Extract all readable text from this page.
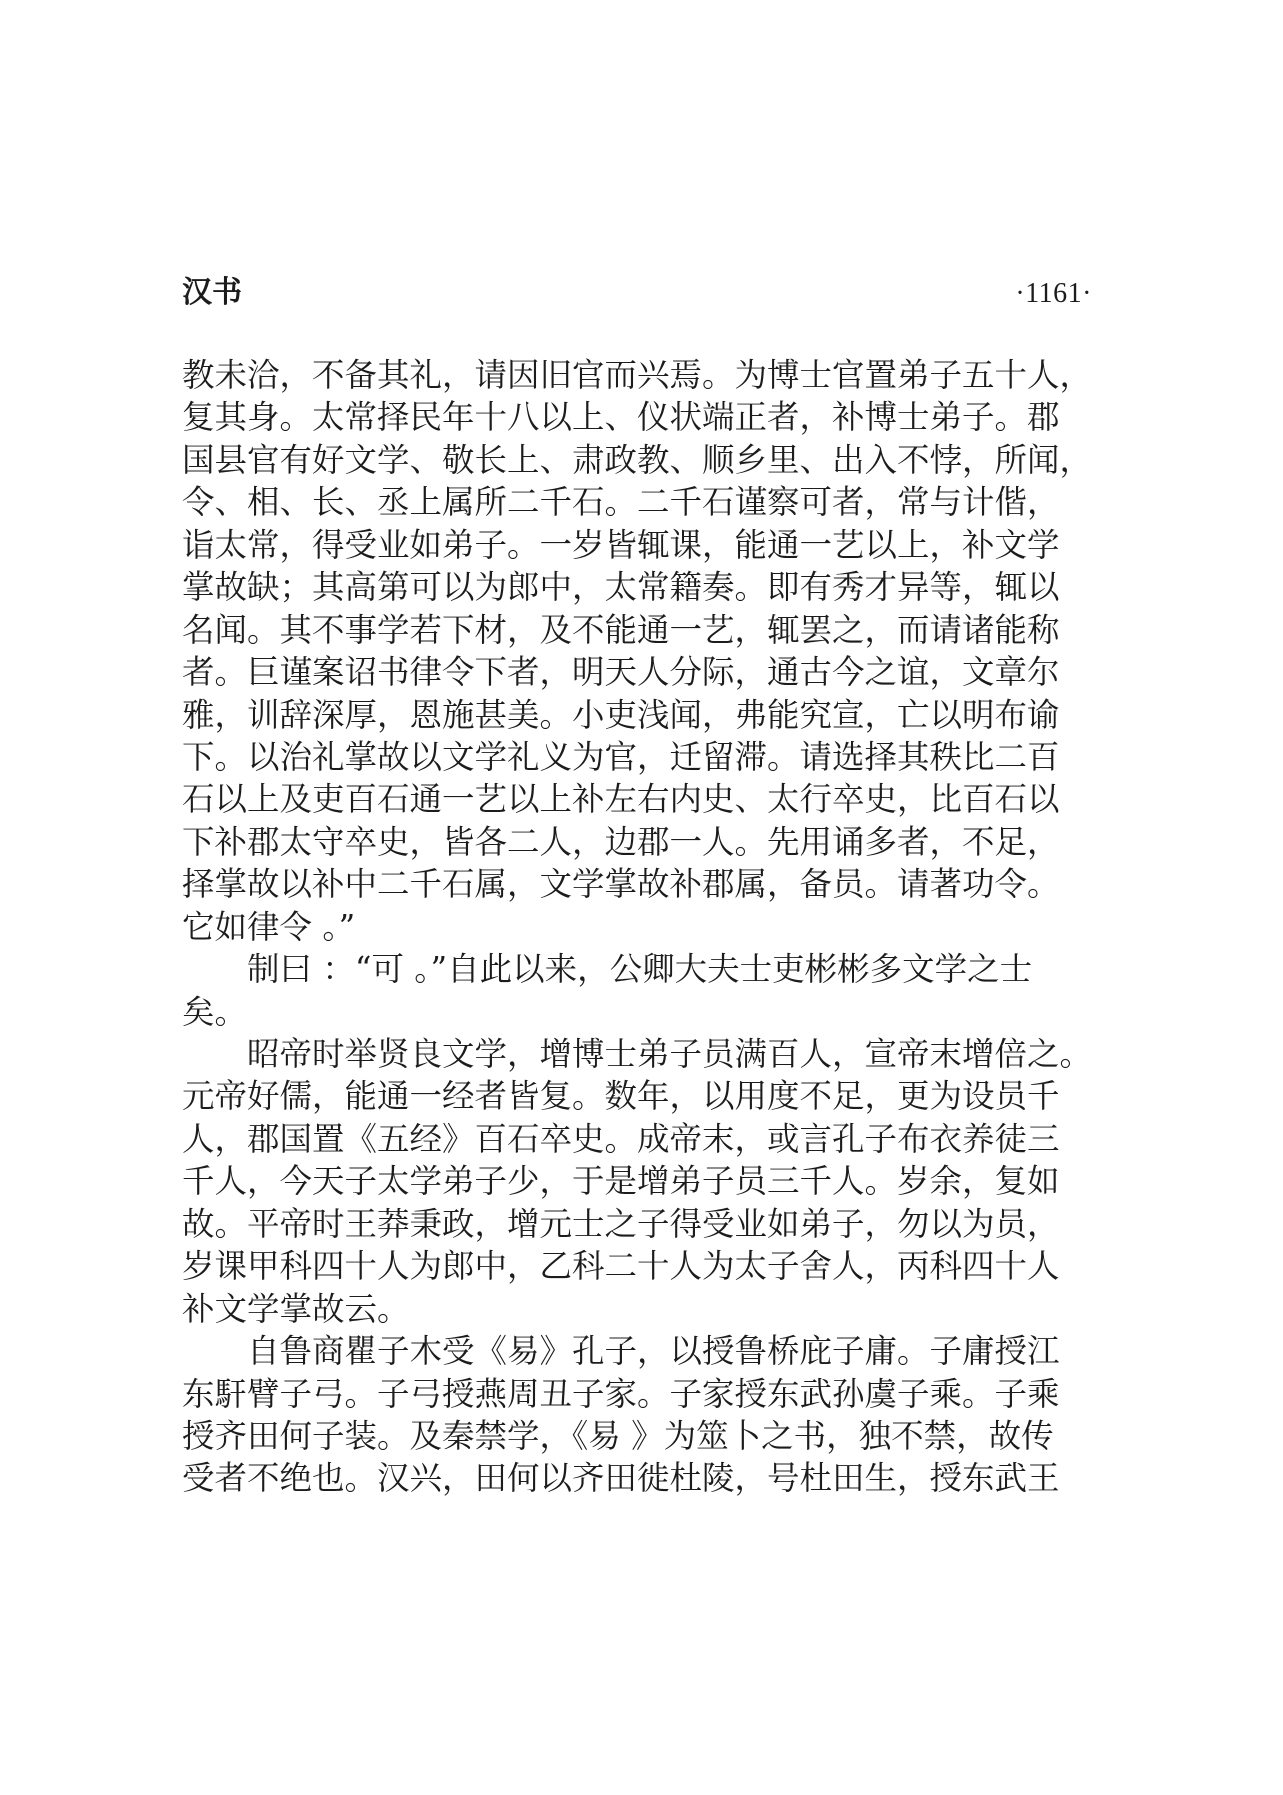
汉书	·1161·
教未洽，不备其礼，请因旧官而兴焉。为博士官置弟子五十人，
复其身。太常择民年十八以上、仪状端正者，补博士弟子。郡
国县官有好文学、敬长上、肃政教、顺乡里、出入不悖，所闻，
令、相、长、丞上属所二千石。二千石谨察可者，常与计偕，
诣太常，得受业如弟子。一岁皆辄课，能通一艺以上，补文学
掌故缺；其高第可以为郎中，太常籍奏。即有秀才异等，辄以
名闻。其不事学若下材，及不能通一艺，辄罢之，而请诸能称
者。巨谨案诏书律令下者，明天人分际，通古今之谊，文章尔
雅，训辞深厚，恩施甚美。小吏浅闻，弗能究宣，亡以明布谕
下。以治礼掌故以文学礼义为官，迁留滞。请选择其秩比二百
石以上及吏百石通一艺以上补左右内史、太行卒史，比百石以
下补郡太守卒史，皆各二人，边郡一人。先用诵多者，不足，
择掌故以补中二千石属，文学掌故补郡属，备员。请著功令。
它如律令 。”
制曰 ：“可 。”自此以来，公卿大夫士吏彬彬多文学之士
矣。
昭帝时举贤良文学，增博士弟子员满百人，宣帝末增倍之。
元帝好儒，能通一经者皆复。数年，以用度不足，更为设员千
人，郡国置《五经》百石卒史。成帝末，或言孔子布衣养徒三
千人，今天子太学弟子少，于是增弟子员三千人。岁余，复如
故。平帝时王莽秉政，增元士之子得受业如弟子，勿以为员，
岁课甲科四十人为郎中，乙科二十人为太子舍人，丙科四十人
补文学掌故云。
自鲁商瞿子木受《易》孔子，以授鲁桥庇子庸。子庸授江
东馯臂子弓。子弓授燕周丑子家。子家授东武孙虞子乘。子乘
授齐田何子装。及秦禁学，《易 》为筮卜之书，独不禁，故传
受者不绝也。汉兴，田何以齐田徙杜陵，号杜田生，授东武王
